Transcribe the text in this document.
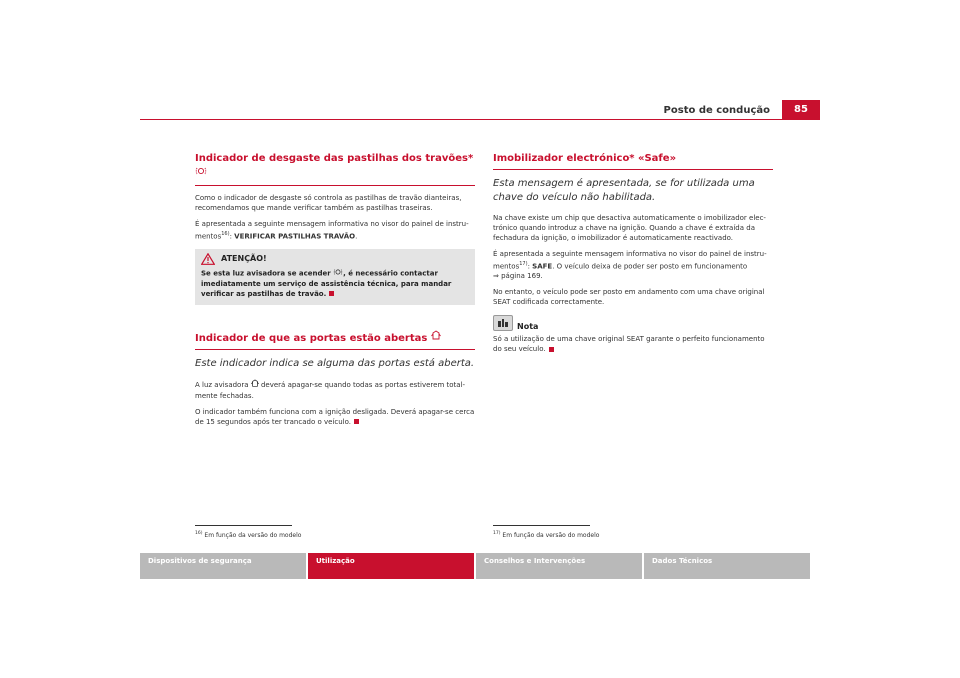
Posto de condução	85
Indicador de desgaste das pastilhas dos travões*

Como o indicador de desgaste só controla as pastilhas de travão dianteiras, recomendamos que mande verificar também as pastilhas traseiras.

É apresentada a seguinte mensagem informativa no visor do painel de instru-mentos$^{16)}$: VERIFICAR PASTILHAS TRAVÃO.

ATENÇÃO!

Se esta luz avisadora se acender , é necessário contactar imediatamente um serviço de assistência técnica, para mandar verificar as pastilhas de travão.

Indicador de que as portas estão abertas
Este indicador indica se alguma das portas está aberta.

A luz avisadora deverá apagar-se quando todas as portas estiverem total-mente fechadas.

O indicador também funciona com a ignição desligada. Deverá apagar-se cerca de 15 segundos após ter trancado o veículo.

Imobilizador electrónico* «Safe»
Esta mensagem é apresentada, se for utilizada uma chave do veículo não habilitada.

Na chave existe um chip que desactiva automaticamente o imobilizador elec-trónico quando introduz a chave na ignição. Quando a chave é extraída da fechadura da ignição, o imobilizador é automaticamente reactivado.

É apresentada a seguinte mensagem informativa no visor do painel de instru-mentos$^{17)}$: SAFE. O veículo deixa de poder ser posto em funcionamento
⇒ página 169.

No entanto, o veículo pode ser posto em andamento com uma chave original SEAT codificada correctamente.

Nota

Só a utilização de uma chave original SEAT garante o perfeito funcionamento do seu veículo.

$^{16)}$ Em função da versão do modelo	$^{17)}$ Em função da versão do modelo
Dispositivos de segurança	Utilização	Conselhos e Intervenções	Dados Técnicos
